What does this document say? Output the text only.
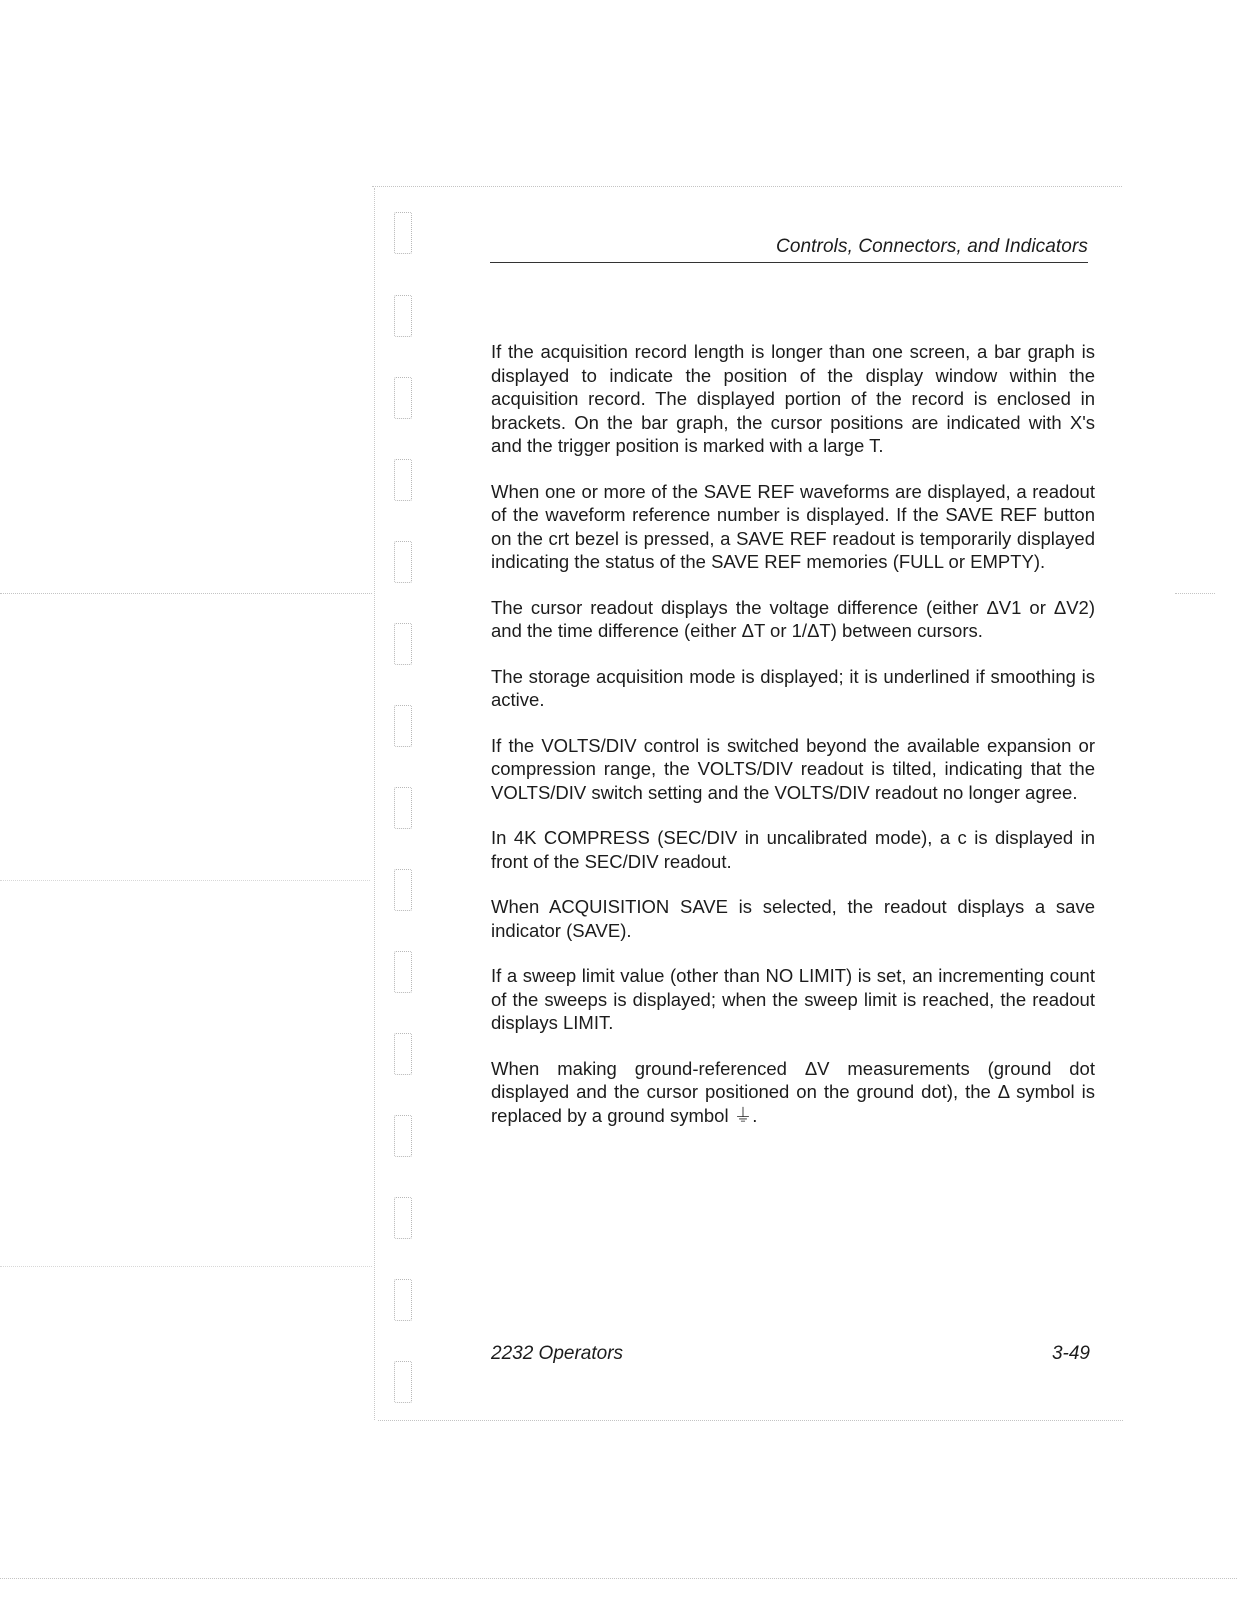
Controls, Connectors, and Indicators

If the acquisition record length is longer than one screen, a bar graph is displayed to indicate the position of the display window within the acquisition record. The displayed portion of the record is enclosed in brackets. On the bar graph, the cursor positions are indicated with X's and the trigger position is marked with a large T.

When one or more of the SAVE REF waveforms are displayed, a readout of the waveform reference number is displayed. If the SAVE REF button on the crt bezel is pressed, a SAVE REF readout is temporarily displayed indicating the status of the SAVE REF memories (FULL or EMPTY).

The cursor readout displays the voltage difference (either ΔV1 or ΔV2) and the time difference (either ΔT or 1/ΔT) between cursors.

The storage acquisition mode is displayed; it is underlined if smoothing is active.

If the VOLTS/DIV control is switched beyond the available expansion or compression range, the VOLTS/DIV readout is tilted, indicating that the VOLTS/DIV switch setting and the VOLTS/DIV readout no longer agree.

In 4K COMPRESS (SEC/DIV in uncalibrated mode), a c is displayed in front of the SEC/DIV readout.

When ACQUISITION SAVE is selected, the readout displays a save indicator (SAVE).

If a sweep limit value (other than NO LIMIT) is set, an incrementing count of the sweeps is displayed; when the sweep limit is reached, the readout displays LIMIT.

When making ground-referenced ΔV measurements (ground dot displayed and the cursor positioned on the ground dot), the Δ symbol is replaced by a ground symbol ⏚.

2232 Operators	3-49
